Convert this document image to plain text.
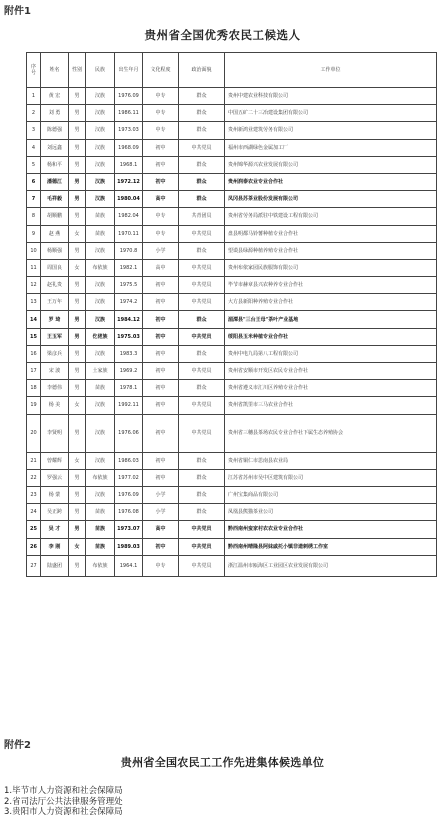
附件1
贵州省全国优秀农民工候选人
序号	姓名	性别	民族	出生年月	文化程度	政治面貌	工作单位
1	黄 宏	男	汉族	1976.09	中专	群众	贵州中建农业科技有限公司
2	刘 勇	男	汉族	1986.11	中专	群众	中国五矿二十三冶建设集团有限公司
3	陈德强	男	汉族	1973.03	中专	群众	贵州新鸿业建筑劳务有限公司
4	刘远鑫	男	汉族	1968.09	初中	中共党员	福州市西湖绿色金属加工厂
5	杨和平	男	汉族	1968.1	初中	群众	贵州锦华源兴农业发展有限公司
6	潘德江	男	汉族	1972.12	初中	群众	贵州润泰农业专业合作社
7	毛祥毅	男	汉族	1980.04	高中	群众	凤冈县苏茶业股份发展有限公司
8	胡顺鹏	男	苗族	1982.04	中专	共青团员	贵州省劳务局派驻中铁建设工程有限公司
9	赵 燕	女	苗族	1970.11	中专	中共党员	盘县明都马铃薯种植专业合作社
10	杨顺强	男	汉族	1970.8	小学	群众	望谟县绿源种植养殖专业合作社
11	周国良	女	布依族	1982.1	高中	中共党员	贵州布依家园民族服饰有限公司
12	赵礼贵	男	汉族	1975.5	初中	中共党员	毕节市赫章县兴农种养专业合作社
13	王万年	男	汉族	1974.2	初中	中共党员	大方县新阳种养殖专业合作社
14	罗 琦	男	汉族	1984.12	初中	群众	湄潭县"三台王母"茶叶产业基地
15	王玉军	男	仡佬族	1975.03	初中	中共党员	绥阳县玉米种植专业合作社
16	梁彦兵	男	汉族	1983.3	初中	群众	贵州中电九局第八工程有限公司
17	宋 波	男	土家族	1969.2	初中	中共党员	贵州省安顺市开发区农民专业合作社
18	李德伟	男	苗族	1978.1	初中	群众	贵州省遵义市汇川区养殖专业合作社
19	杨 美	女	汉族	1992.11	初中	中共党员	贵州省凯里市三马农业合作社
20	李贤明	男	汉族	1976.06	初中	中共党员	贵州省三穗县茶场农民专业合作社下属生态养殖协会
21	曾耀辉	女	汉族	1986.03	初中	群众	贵州省铜仁市思南县农业局
22	罗强云	男	布依族	1977.02	初中	群众	江苏省苏州市吴中区建筑有限公司
23	杨 蒙	男	汉族	1976.09	小学	群众	广州宝集商品有限公司
24	吴正跨	男	苗族	1976.08	小学	群众	凤凰县熊猫茶业公司
25	吴 才	男	苗族	1973.07	高中	中共党员	黔西南州蛮家村农农业专业合作社
26	李 刚	女	苗族	1989.03	初中	中共党员	黔西南州晴隆县阿妹戚托小镇非遗刺绣工作室
27	陆盛团	男	布依族	1964.1	中专	中共党员	浙江温州市瓯海区工业园区农业发展有限公司
附件2
贵州省全国农民工工作先进集体候选单位
1.毕节市人力资源和社会保障局
2.省司法厅公共法律服务管理处
3.贵阳市人力资源和社会保障局
